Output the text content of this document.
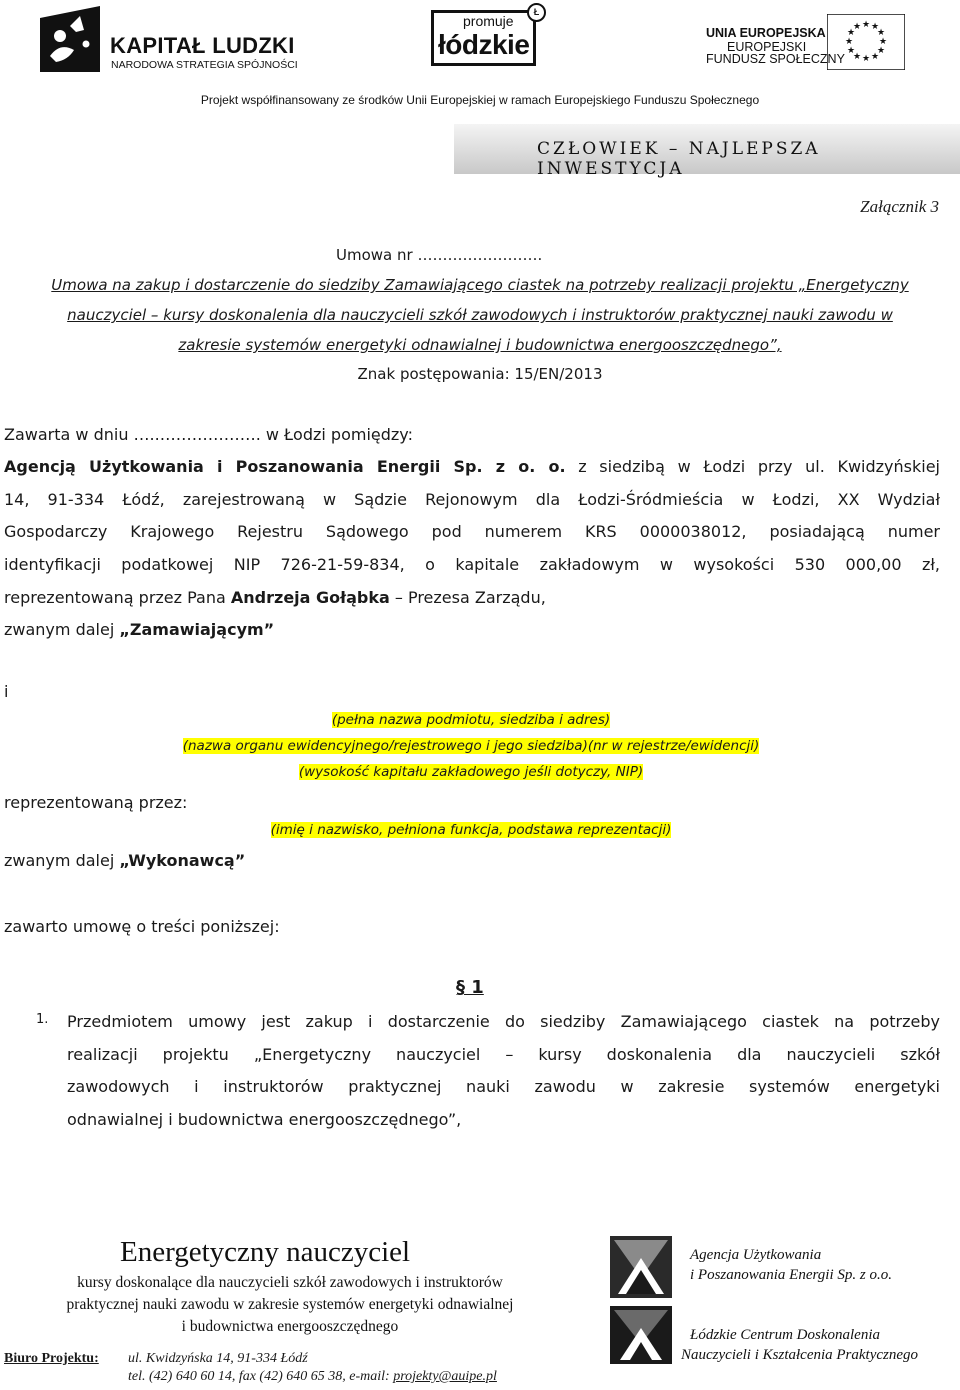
KAPITAŁ LUDZKI
NARODOWA STRATEGIA SPÓJNOŚCI
promuje
łódzkie
Ł
UNIA EUROPEJSKA
EUROPEJSKI
FUNDUSZ SPOŁECZNY
★ ★
★
★
★
★
★
★
★
★
★
★
Projekt współfinansowany ze środków Unii Europejskiej w ramach Europejskiego Funduszu Społecznego
CZŁOWIEK – NAJLEPSZA INWESTYCJA
Załącznik 3
Umowa nr …………………….
Umowa na zakup i dostarczenie do siedziby Zamawiającego ciastek na potrzeby realizacji projektu „Energetyczny
nauczyciel – kursy doskonalenia dla nauczycieli szkół zawodowych i instruktorów praktycznej nauki zawodu w
zakresie systemów energetyki odnawialnej i budownictwa energooszczędnego”,
Znak postępowania: 15/EN/2013
Zawarta w dniu …..………………. w Łodzi pomiędzy:
Agencją Użytkowania i Poszanowania Energii Sp. z o. o. z siedzibą w Łodzi przy ul. Kwidzyńskiej
14, 91-334 Łódź, zarejestrowaną w Sądzie Rejonowym dla Łodzi-Śródmieścia w Łodzi, XX Wydział
Gospodarczy Krajowego Rejestru Sądowego pod numerem KRS 0000038012, posiadającą numer
identyfikacji podatkowej NIP 726-21-59-834, o kapitale zakładowym w wysokości 530 000,00 zł,
reprezentowaną przez Pana Andrzeja Gołąbka – Prezesa Zarządu,
zwanym dalej „Zamawiającym”
i
(pełna nazwa podmiotu, siedziba i adres)
(nazwa organu ewidencyjnego/rejestrowego i jego siedziba)(nr w rejestrze/ewidencji)
(wysokość kapitału zakładowego jeśli dotyczy, NIP)
reprezentowaną przez:
(imię i nazwisko, pełniona funkcja, podstawa reprezentacji)
zwanym dalej „Wykonawcą”
zawarto umowę o treści poniższej:
§ 1
1. Przedmiotem umowy jest zakup i dostarczenie do siedziby Zamawiającego ciastek na potrzeby
realizacji projektu „Energetyczny nauczyciel – kursy doskonalenia dla nauczycieli szkół
zawodowych i instruktorów praktycznej nauki zawodu w zakresie systemów energetyki
odnawialnej i budownictwa energooszczędnego”,
Energetyczny nauczyciel
kursy doskonalące dla nauczycieli szkół zawodowych i instruktorów
praktycznej nauki zawodu w zakresie systemów energetyki odnawialnej
i budownictwa energooszczędnego
Biuro Projektu: ul. Kwidzyńska 14, 91-334 Łódź
tel. (42) 640 60 14, fax (42) 640 65 38, e-mail: projekty@auipe.pl
Agencja Użytkowania
i Poszanowania Energii Sp. z o.o.
Łódzkie Centrum Doskonalenia
Nauczycieli i Kształcenia Praktycznego
